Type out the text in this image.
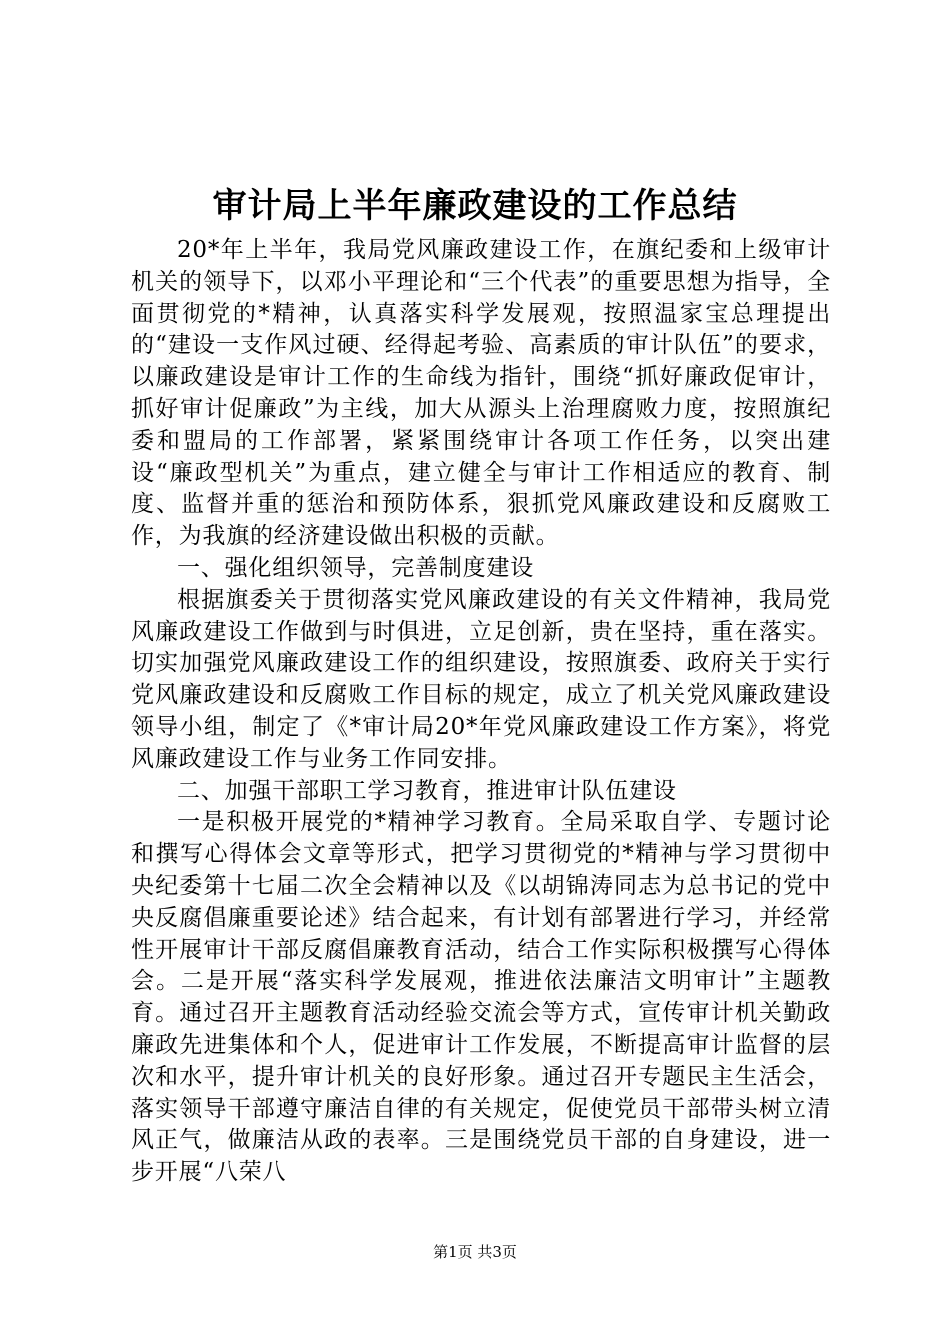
审计局上半年廉政建设的工作总结

20*年上半年，我局党风廉政建设工作，在旗纪委和上级审计机关的领导下，以邓小平理论和“三个代表”的重要思想为指导，全面贯彻党的*精神，认真落实科学发展观，按照温家宝总理提出的“建设一支作风过硬、经得起考验、高素质的审计队伍”的要求，以廉政建设是审计工作的生命线为指针，围绕“抓好廉政促审计，抓好审计促廉政”为主线，加大从源头上治理腐败力度，按照旗纪委和盟局的工作部署，紧紧围绕审计各项工作任务，以突出建设“廉政型机关”为重点，建立健全与审计工作相适应的教育、制度、监督并重的惩治和预防体系，狠抓党风廉政建设和反腐败工作，为我旗的经济建设做出积极的贡献。

一、强化组织领导，完善制度建设

根据旗委关于贯彻落实党风廉政建设的有关文件精神，我局党风廉政建设工作做到与时俱进，立足创新，贵在坚持，重在落实。切实加强党风廉政建设工作的组织建设，按照旗委、政府关于实行党风廉政建设和反腐败工作目标的规定，成立了机关党风廉政建设领导小组，制定了《*审计局20*年党风廉政建设工作方案》，将党风廉政建设工作与业务工作同安排。

二、加强干部职工学习教育，推进审计队伍建设

一是积极开展党的*精神学习教育。全局采取自学、专题讨论和撰写心得体会文章等形式，把学习贯彻党的*精神与学习贯彻中央纪委第十七届二次全会精神以及《以胡锦涛同志为总书记的党中央反腐倡廉重要论述》结合起来，有计划有部署进行学习，并经常性开展审计干部反腐倡廉教育活动，结合工作实际积极撰写心得体会。二是开展“落实科学发展观，推进依法廉洁文明审计”主题教育。通过召开主题教育活动经验交流会等方式，宣传审计机关勤政廉政先进集体和个人，促进审计工作发展，不断提高审计监督的层次和水平，提升审计机关的良好形象。通过召开专题民主生活会，落实领导干部遵守廉洁自律的有关规定，促使党员干部带头树立清风正气，做廉洁从政的表率。三是围绕党员干部的自身建设，进一步开展“八荣八

第1页 共3页
